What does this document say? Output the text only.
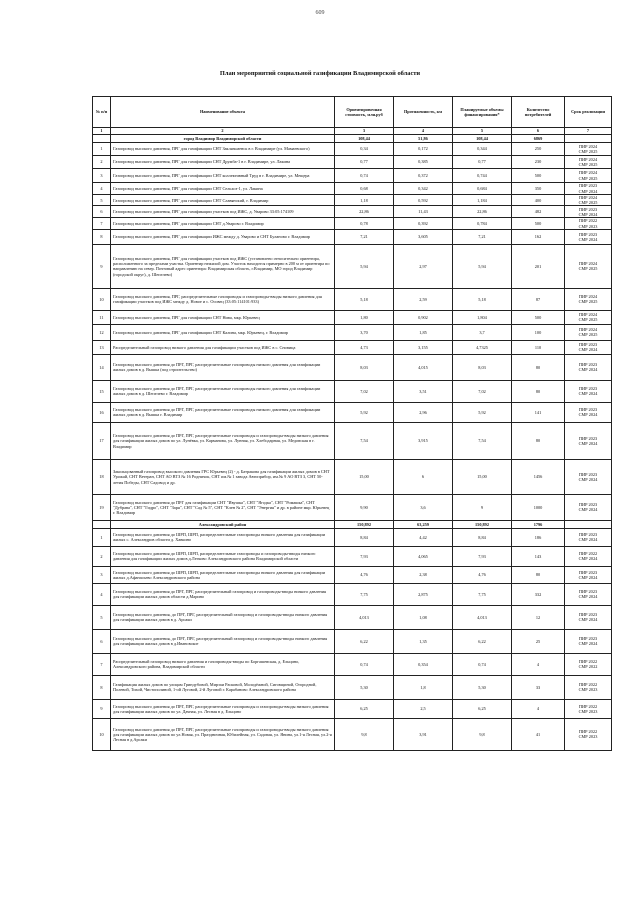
609
План мероприятий социальной газификации Владимирской области
№ п/п	Наименование объекта	Ориентировочная стоимость, млн.руб	Протяженность, км	Планируемые объемы финансирования*	Количество потребителей	Срок реализации
1	2	3	4	5	6	7
	город Владимир Владимирской области	108,44	51,86	108,44	6869	
1	Газопровод высокого давления, ПРГ для газификации СНТ Заклязьменск в г. Владимире (ул. Мамаевского)	0,34	0,172	0,344	250	ПИР 2024
СМР 2025

2	Газопровод высокого давления, ПРГ для газификации СНТ Дружба-1 в г. Владимире, ул. Лакина	0,77	0,385	0,77	230	ПИР 2024
СМР 2025

3	Газопровод высокого давления, ПРГ для газификации СНТ коллективный Труд в г. Владимире, ул. Мещера	0,74	0,372	0,744	500	ПИР 2024
СМР 2025

4	Газопровод высокого давления, ПРГ для газификации СНТ Сельхоз-1, ул. Лакина	0,68	0,342	0,684	350	ПИР 2023
СМР 2024

5	Газопровод высокого давления, ПРГ для газификации СНТ Славянский, г. Владимир	1,18	0,592	1,184	400	ПИР 2024
СМР 2025

6	Газопровод высокого давления, ПРГ для газификации участков под ИЖС, д. Уварово 33:05:174109	22,86	11,43	22,86	482	ПИР 2023
СМР 2024

7	Газопровод высокого давления, ПРГ для газификации СНТ д.Уварово г. Владимир	0,78	0,392	0,784	500	ПИР 2022
СМР 2023

8	Газопровод высокого давления, ПРГ для газификации ИЖС между д. Уварово и СНТ Буланово г. Владимир	7,21	3,605	7,21	162	ПИР 2023
СМР 2024

9	Газопровод высокого давления, ПРГ для газификации участков под ИЖС (установлено относительно ориентира, расположенного за пределами участка. Ориентир нежилой дом. Участок находится примерно в 200 м от ориентира по направлению на север. Почтовый адрес ориентира: Владимирская область, г.Владимир, МО город Владимир (городской округ), д. Шепелево)	5,94	2,97	5,94	201	ПИР 2024
СМР 2025

10	Газопровод высокого давления, ПРГ, распределительные газопроводы и газопроводы-вводы низкого давления для газификации участков под ИЖС между д. Новое и с. Осовец (33:05:114101:933)	5,18	2,59	5,18	87	ПИР 2024
СМР 2025

11	Газопровод высокого давления, ПРГ для газификации СНТ Нива, мкр. Юрьевец	1,80	0,902	1,804	500	ПИР 2024
СМР 2025

12	Газопровод высокого давления, ПРГ для газификации СНТ Калина, мкр. Юрьевец, г. Владимир	3,70	1,85	3,7	100	ПИР 2024
СМР 2025

13	Распределительный газопровод низкого давления для газификации участков под ИЖС в с. Сновица	4,73	3,155	4,7325	110	ПИР 2023
СМР 2024

14	Газопровод высокого давления до ПРГ, ПРГ, распределительные газопроводы низкого давления для газификации жилых домов в д. Вышка (под строительство)	8,03	4,015	8,03	80	ПИР 2023
СМР 2024

15	Газопровод высокого давления до ПРГ, ПРГ, распределительные газопроводы низкого давления для газификации жилых домов в д. Шепелево г. Владимир	7,02	3,51	7,02	80	ПИР 2023
СМР 2024

16	Газопровод высокого давления до ПРГ, ПРГ, распределительные газопроводы низкого давления для газификации жилых домов в д. Вышка г. Владимир	5,92	2,96	5,92	141	ПИР 2023
СМР 2024

17	Газопровод высокого давления до ПРГ, ПРГ, распределительные газопроводы и газопроводы-вводы низкого давления для газификации жилых домов по ул. Лунёвка, ул. Карманова, ул. Лунная, ул. Хлебодарная, ул. Медовская в г. Владимир	7,54	3,915	7,54	80	ПИР 2023
СМР 2024

18	Закольцованный газопровод высокого давления ГРС Юрьевец (2) - д. Батракова для газификации жилых домов в СНТ Урожай, СНТ Ветеран, СНТ АО ВТЗ № 16 Родничок, СНТ им.№ 1 завода Автоприбор, им.№ 9 АО ВТЗ 3, СНТ 50-летия Победы, СНТ Садовод и др.	15,00	6	15,00	1456	ПИР 2023
СМР 2024

19	Газопровод высокого давления до ПРГ для газификации СНТ "Ивушка", СНТ "Ягодка", СНТ "Ромашка", СНТ "Дубрава", СНТ "Гидро", СНТ "Заря", СНТ "Сад № 5", СНТ "Клен № 2", СНТ "Энергия" и др. в районе мкр. Юрьевец г. Владимир	9,90	3,6	9	1000	ПИР 2023
СМР 2024

	Александровский район	150,892	63,259	150,892	1796	
1	Газопровод высокого давления до ШРП, ШРП, распределительные газопроводы низкого давления для газификации жилых с. Александров области д. Хавкино	8,84	4,42	8,84	186	ПИР 2023
СМР 2024

2	Газопровод высокого давления до ШРП, ШРП, распределительные газопроводы и газопроводы-вводы низкого давления для газификации жилых домов д.Легково Александровского района Владимирской области	7,93	4,065	7,93	143	ПИР 2022
СМР 2024

3	Газопровод высокого давления до ШРП, ШРП, распределительные газопроводы низкого давления для газификации жилых д.Афанасьево Александровского района	4,76	2,38	4,76	80	ПИР 2023
СМР 2024

4	Газопровод высокого давления до ПРГ, ПРГ, распределительный газопровод и газопроводы-вводы низкого давления для газификации жилых домов области д.Марино	7,75	2,875	7,75	332	ПИР 2023
СМР 2024

5	Газопровод высокого давления, до ПРГ, ПРГ, распределительный газопровод и газопроводы-вводы низкого давления для газификации жилых домов в д. Арсаки	4,013	1,08	4,013	12	ПИР 2023
СМР 2024

6	Газопровод высокого давления, до ПРГ, ПРГ, распределительный газопровод и газопроводы-вводы низкого давления для газификации жилых домов в д.Ивановское	6,22	1,35	6,22	25	ПИР 2023
СМР 2024

7	Распределительный газопровод низкого давления и газопроводы-вводы по Боргашевская, д. Ельцино, Александровского района, Владимирской области	0,74	0,354	0,74	4	ПИР 2022
СМР 2022

8	Газификация жилых домов по улицам Гриндубовой, Мирзаи Расковой, Молодёжной, Сиговщиной, Огородной, Полевой, Тихой, Чистополиной, 1-ой Луговой, 2-й Луговой г. Карабаново Александровского района	5,30	1,8	5,30	33	ПИР 2022
СМР 2023

9	Газопровод высокого давления до ПРГ, ПРГ, распределительные газопроводы и газопроводы-вводы низкого давления для газификации жилых домов по ул. Дачная, ул. Лесная в д. Ельцино	6,25	2,5	6,25	4	ПИР 2022
СМР 2023

10	Газопровод высокого давления до ПРГ, ПРГ, распределительные газопроводы и газопроводы-вводы низкого давления для газификации жилых домов по ул.Новая, ул. Праздничная, Юбилейная, ул. Садовая, ул. Янина, ул.1-я Лесная, ул.2-я Лесная в д.Арсаки	9,8	3,91	9,8	41	ПИР 2022
СМР 2023
